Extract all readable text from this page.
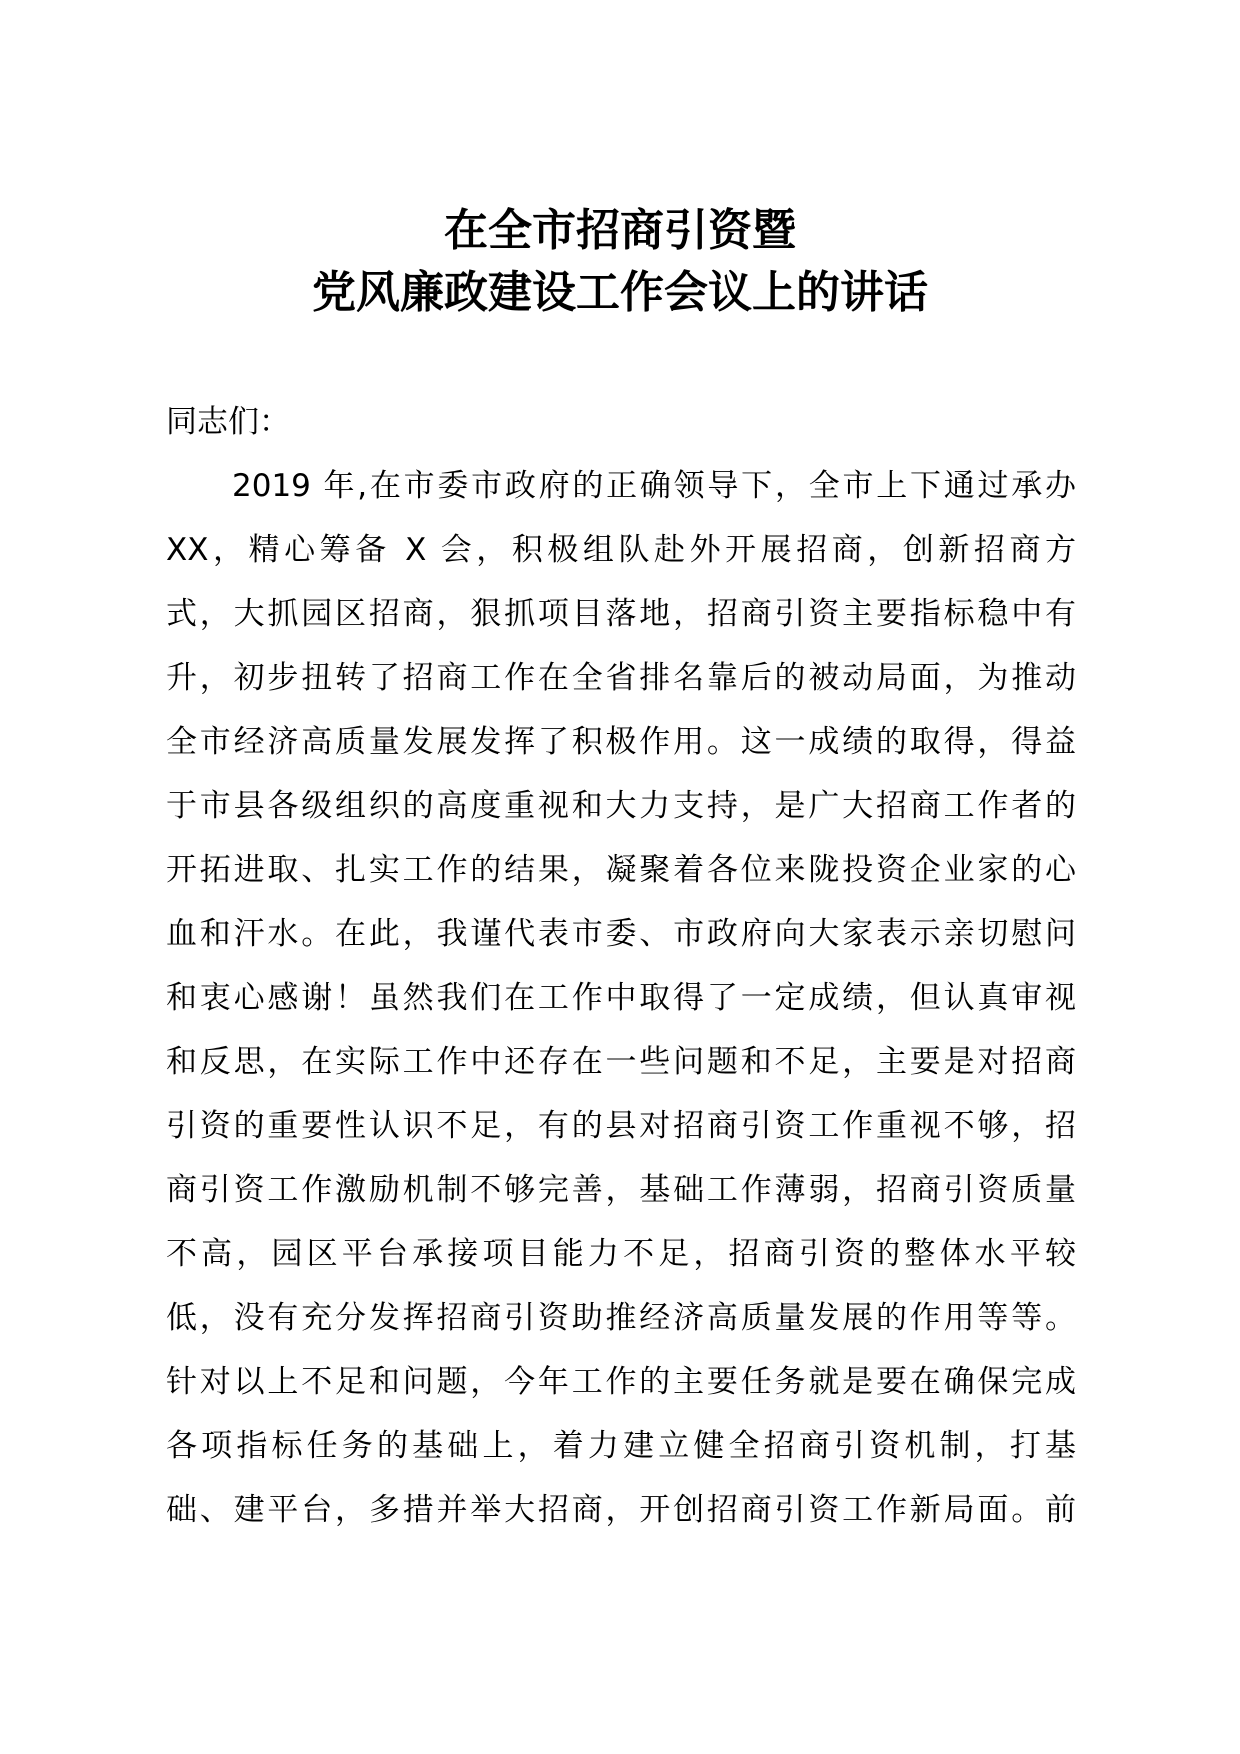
在全市招商引资暨
党风廉政建设工作会议上的讲话
同志们：
2019 年,在市委市政府的正确领导下，全市上下通过承办
XX，精心筹备 X 会，积极组队赴外开展招商，创新招商方
式，大抓园区招商，狠抓项目落地，招商引资主要指标稳中有
升，初步扭转了招商工作在全省排名靠后的被动局面，为推动
全市经济高质量发展发挥了积极作用。这一成绩的取得，得益
于市县各级组织的高度重视和大力支持，是广大招商工作者的
开拓进取、扎实工作的结果，凝聚着各位来陇投资企业家的心
血和汗水。在此，我谨代表市委、市政府向大家表示亲切慰问
和衷心感谢！虽然我们在工作中取得了一定成绩，但认真审视
和反思，在实际工作中还存在一些问题和不足，主要是对招商
引资的重要性认识不足，有的县对招商引资工作重视不够，招
商引资工作激励机制不够完善，基础工作薄弱，招商引资质量
不高，园区平台承接项目能力不足，招商引资的整体水平较
低，没有充分发挥招商引资助推经济高质量发展的作用等等。
针对以上不足和问题，今年工作的主要任务就是要在确保完成
各项指标任务的基础上，着力建立健全招商引资机制，打基
础、建平台，多措并举大招商，开创招商引资工作新局面。前
